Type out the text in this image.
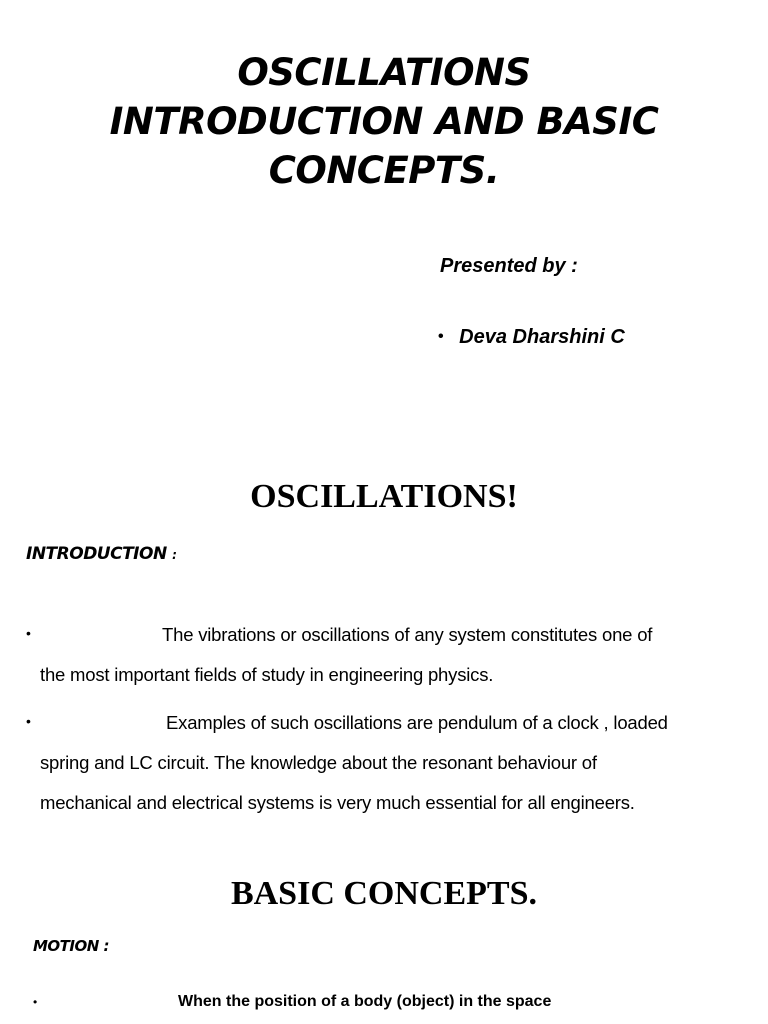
OSCILLATIONS
INTRODUCTION AND BASIC
CONCEPTS.
Presented by :
• Deva Dharshini C
OSCILLATIONS!
INTRODUCTION :
•	The vibrations or oscillations of any system constitutes one of
the most important fields of study in engineering physics.
•	Examples of such oscillations are pendulum of a clock , loaded
spring and LC circuit. The knowledge about the resonant behaviour of
mechanical and electrical systems is very much essential for all engineers.
BASIC CONCEPTS.
MOTION :
•	When the position of a body (object) in the space
